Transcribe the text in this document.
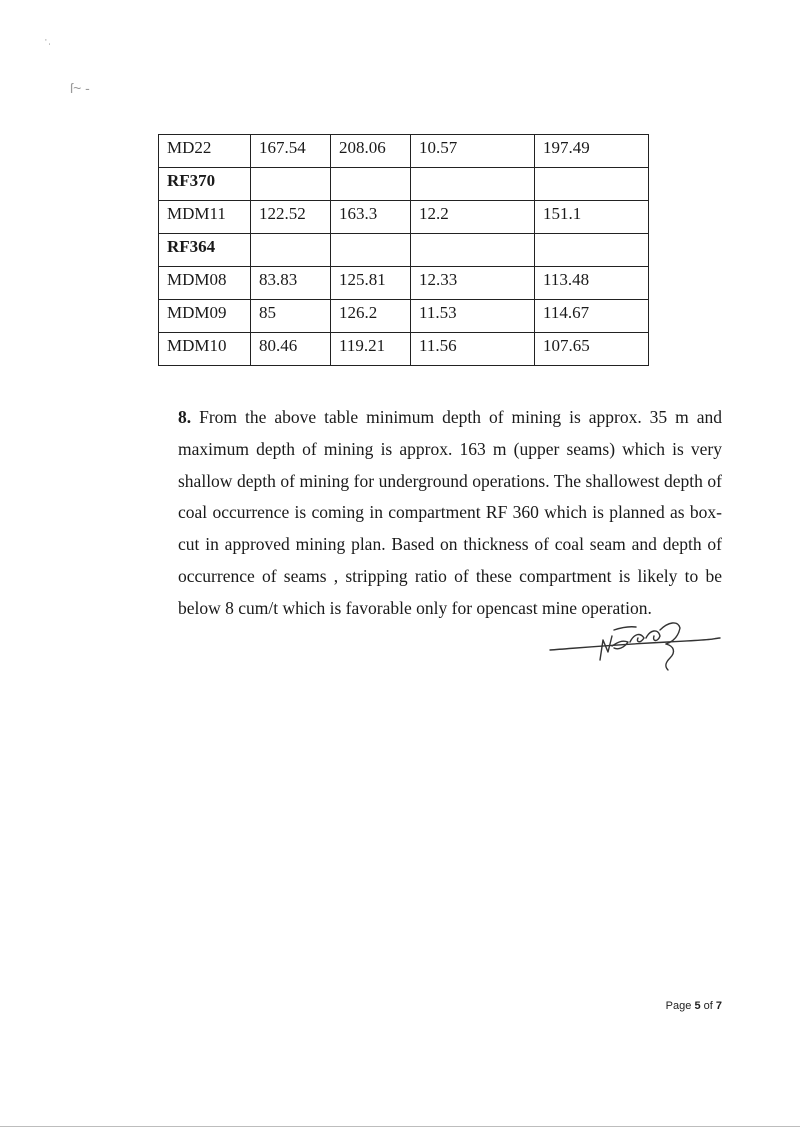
·ˌ
ſ~ -
MD22	167.54	208.06	10.57	197.49
RF370				
MDM11	122.52	163.3	12.2	151.1
RF364				
MDM08	83.83	125.81	12.33	113.48
MDM09	85	126.2	11.53	114.67
MDM10	80.46	119.21	11.56	107.65

8. From the above table minimum depth of mining is approx. 35 m and maximum depth of mining is approx. 163 m (upper seams) which is very shallow depth of mining for underground operations. The shallowest depth of coal occurrence is coming in compartment RF 360 which is planned as box-cut in approved mining plan. Based on thickness of coal seam and depth of occurrence of seams , stripping ratio of these compartment is likely to be below 8 cum/t which is favorable only for opencast mine operation.

Page 5 of 7
